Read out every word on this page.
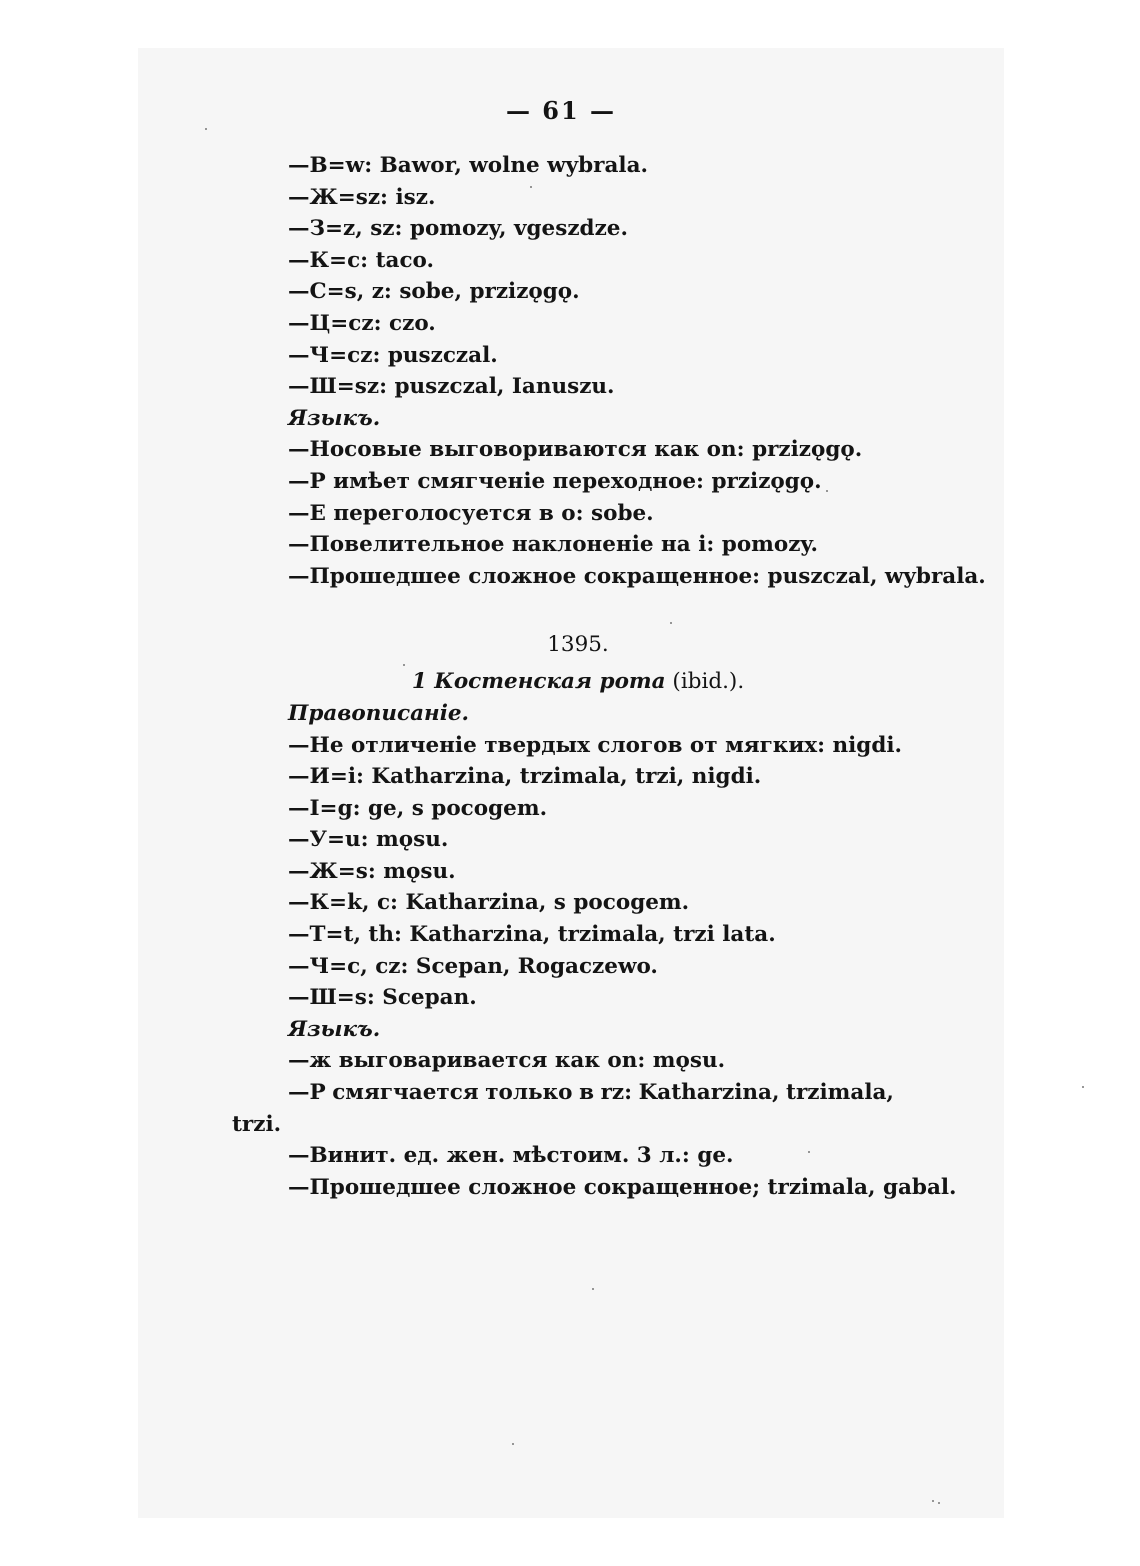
— 61 —
—В=w: Bawor, wolne wybrala.
—Ж=sz: isz.
—З=z, sz: pomozy, vgeszdze.
—К=c: taco.
—С=s, z: sobe, przizǫgǫ.
—Ц=cz: czo.
—Ч=cz: puszczal.
—Ш=sz: puszczal, Ianuszu.
Языкъ.
—Носовые выговориваются как on: przizǫgǫ.
—Р имѣет смягченіе переходное: przizǫgǫ.
—Е переголосуется в о: sobe.
—Повелительное наклоненіе на i: pomozy.
—Прошедшее сложное сокращенное: puszczal, wybrala.
1395.
1 Костенская рота (ibid.).
Правописаніе.
—Не отличеніе твердых слогов от мягких: nigdi.
—И=i: Katharzina, trzimala, trzi, nigdi.
—I=g: ge, s pocogem.
—У=u: mǫsu.
—Ж=s: mǫsu.
—К=k, c: Katharzina, s pocogem.
—Т=t, th: Katharzina, trzimala, trzi lata.
—Ч=c, cz: Scepan, Rogaczewo.
—Ш=s: Scepan.
Языкъ.
—ж выговаривается как on: mǫsu.
—Р смягчается только в rz: Katharzina, trzimala,
trzi.
—Винит. ед. жен. мѣстоим. 3 л.: ge.
—Прошедшее сложное сокращенное; trzimala, gabal.
